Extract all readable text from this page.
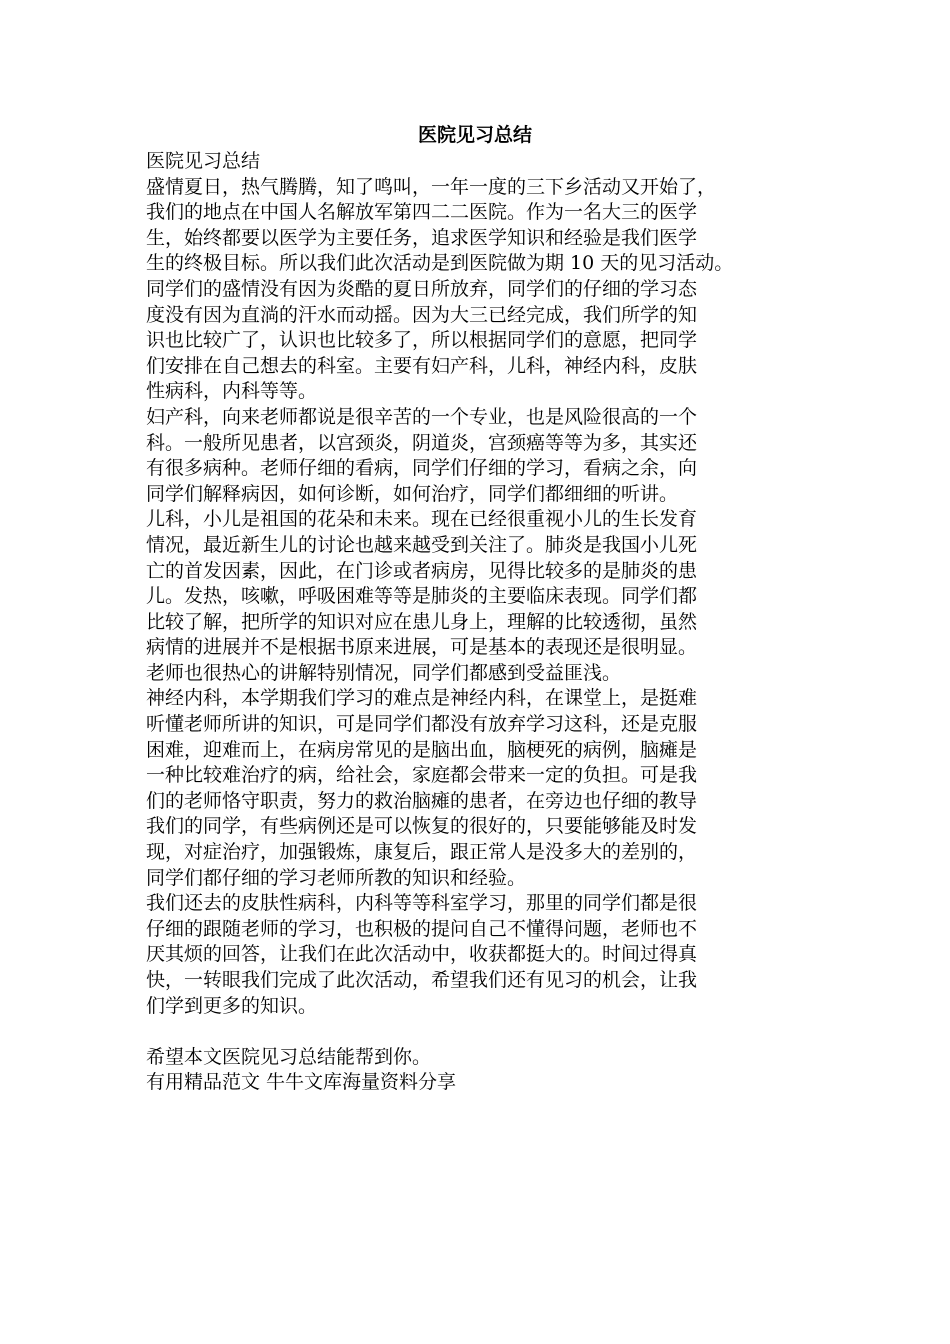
医院见习总结

医院见习总结

盛情夏日，热气腾腾，知了鸣叫，一年一度的三下乡活动又开始了，

我们的地点在中国人名解放军第四二二医院。作为一名大三的医学

生，始终都要以医学为主要任务，追求医学知识和经验是我们医学

生的终极目标。所以我们此次活动是到医院做为期 10 天的见习活动。

同学们的盛情没有因为炎酷的夏日所放弃，同学们的仔细的学习态

度没有因为直淌的汗水而动摇。因为大三已经完成，我们所学的知

识也比较广了，认识也比较多了，所以根据同学们的意愿，把同学

们安排在自己想去的科室。主要有妇产科，儿科，神经内科，皮肤

性病科，内科等等。

妇产科，向来老师都说是很辛苦的一个专业，也是风险很高的一个

科。一般所见患者，以宫颈炎，阴道炎，宫颈癌等等为多，其实还

有很多病种。老师仔细的看病，同学们仔细的学习，看病之余，向

同学们解释病因，如何诊断，如何治疗，同学们都细细的听讲。

儿科，小儿是祖国的花朵和未来。现在已经很重视小儿的生长发育

情况，最近新生儿的讨论也越来越受到关注了。肺炎是我国小儿死

亡的首发因素，因此，在门诊或者病房，见得比较多的是肺炎的患

儿。发热，咳嗽，呼吸困难等等是肺炎的主要临床表现。同学们都

比较了解，把所学的知识对应在患儿身上，理解的比较透彻，虽然

病情的进展并不是根据书原来进展，可是基本的表现还是很明显。

老师也很热心的讲解特别情况，同学们都感到受益匪浅。

神经内科，本学期我们学习的难点是神经内科，在课堂上，是挺难

听懂老师所讲的知识，可是同学们都没有放弃学习这科，还是克服

困难，迎难而上，在病房常见的是脑出血，脑梗死的病例，脑瘫是

一种比较难治疗的病，给社会，家庭都会带来一定的负担。可是我

们的老师恪守职责，努力的救治脑瘫的患者，在旁边也仔细的教导

我们的同学，有些病例还是可以恢复的很好的，只要能够能及时发

现，对症治疗，加强锻炼，康复后，跟正常人是没多大的差别的，

同学们都仔细的学习老师所教的知识和经验。

我们还去的皮肤性病科，内科等等科室学习，那里的同学们都是很

仔细的跟随老师的学习，也积极的提问自己不懂得问题，老师也不

厌其烦的回答，让我们在此次活动中，收获都挺大的。时间过得真

快，一转眼我们完成了此次活动，希望我们还有见习的机会，让我

们学到更多的知识。

希望本文医院见习总结能帮到你。

有用精品范文 牛牛文库海量资料分享
